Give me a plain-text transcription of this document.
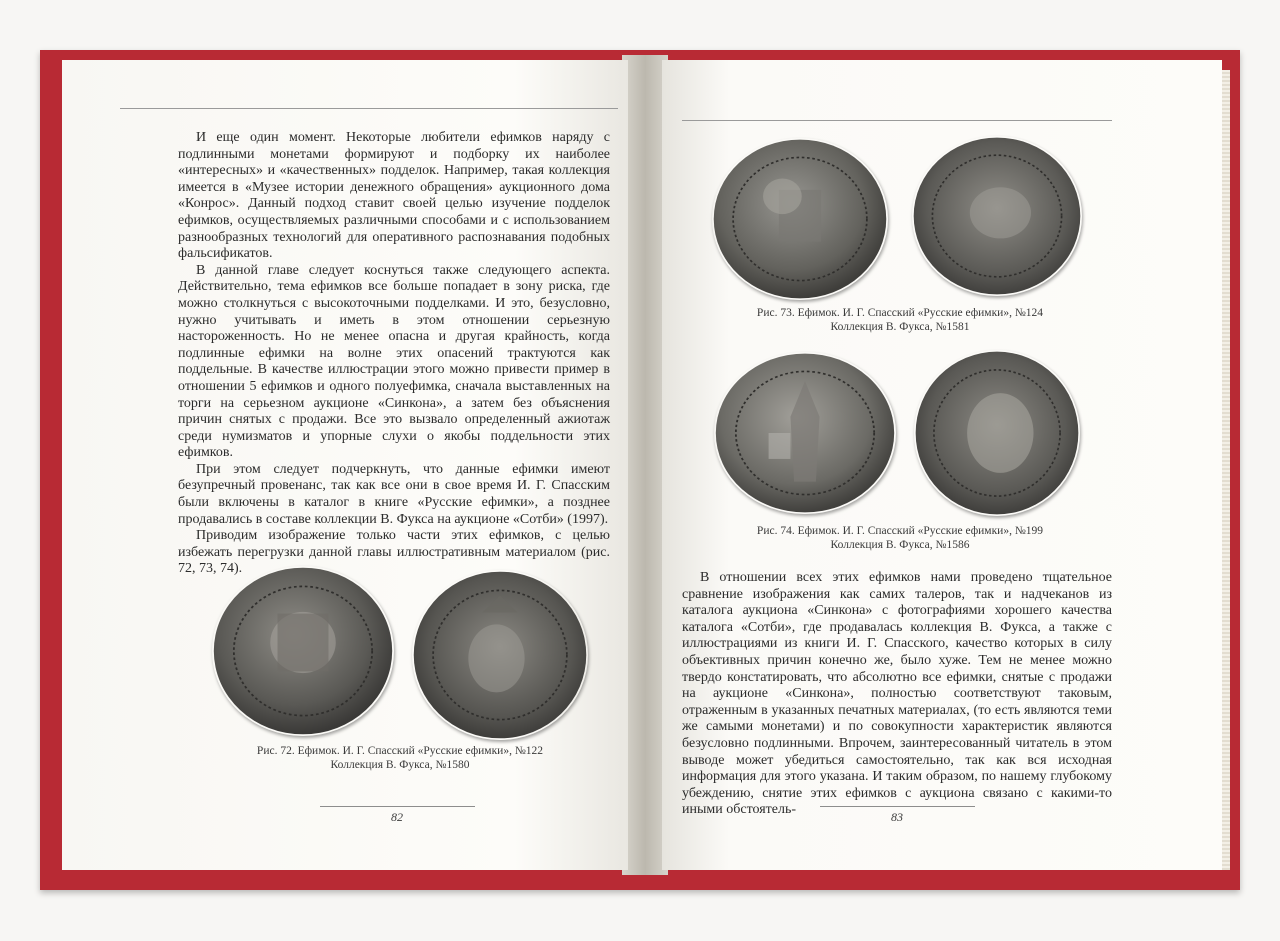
И еще один момент. Некоторые любители ефимков наряду с подлинными монетами формируют и подборку их наиболее «интересных» и «качественных» подделок. Например, такая коллекция имеется в «Музее истории денежного обращения» аукционного дома «Конрос». Данный подход ставит своей целью изучение подделок ефимков, осуществляемых различными способами и с использованием разнообразных технологий для оперативного распознавания подобных фальсификатов.

В данной главе следует коснуться также следующего аспекта. Действительно, тема ефимков все больше попадает в зону риска, где можно столкнуться с высокоточными подделками. И это, безусловно, нужно учитывать и иметь в этом отношении серьезную настороженность. Но не менее опасна и другая крайность, когда подлинные ефимки на волне этих опасений трактуются как поддельные. В качестве иллюстрации этого можно привести пример в отношении 5 ефимков и одного полуефимка, сначала выставленных на торги на серьезном аукционе «Синкона», а затем без объяснения причин снятых с продажи. Все это вызвало определенный ажиотаж среди нумизматов и упорные слухи о якобы поддельности этих ефимков.

При этом следует подчеркнуть, что данные ефимки имеют безупречный провенанс, так как все они в свое время И. Г. Спасским были включены в каталог в книге «Русские ефимки», а позднее продавались в составе коллекции В. Фукса на аукционе «Сотби» (1997).

Приводим изображение только части этих ефимков, с целью избежать перегрузки данной главы иллюстративным материалом (рис. 72, 73, 74).

Рис. 72. Ефимок. И. Г. Спасский «Русские ефимки», №122
Коллекция В. Фукса, №1580
82
Рис. 73. Ефимок. И. Г. Спасский «Русские ефимки», №124
Коллекция В. Фукса, №1581
Рис. 74. Ефимок. И. Г. Спасский «Русские ефимки», №199
Коллекция В. Фукса, №1586

В отношении всех этих ефимков нами проведено тщательное сравнение изображения как самих талеров, так и надчеканов из каталога аукциона «Синкона» с фотографиями хорошего качества каталога «Сотби», где продавалась коллекция В. Фукса, а также с иллюстрациями из книги И. Г. Спасского, качество которых в силу объективных причин конечно же, было хуже. Тем не менее можно твердо констатировать, что абсолютно все ефимки, снятые с продажи на аукционе «Синкона», полностью соответствуют таковым, отраженным в указанных печатных материалах, (то есть являются теми же самыми монетами) и по совокупности характеристик являются безусловно подлинными. Впрочем, заинтересованный читатель в этом выводе может убедиться самостоятельно, так как вся исходная информация для этого указана. И таким образом, по нашему глубокому убеждению, снятие этих ефимков с аукциона связано с какими-то иными обстоятель-	83
